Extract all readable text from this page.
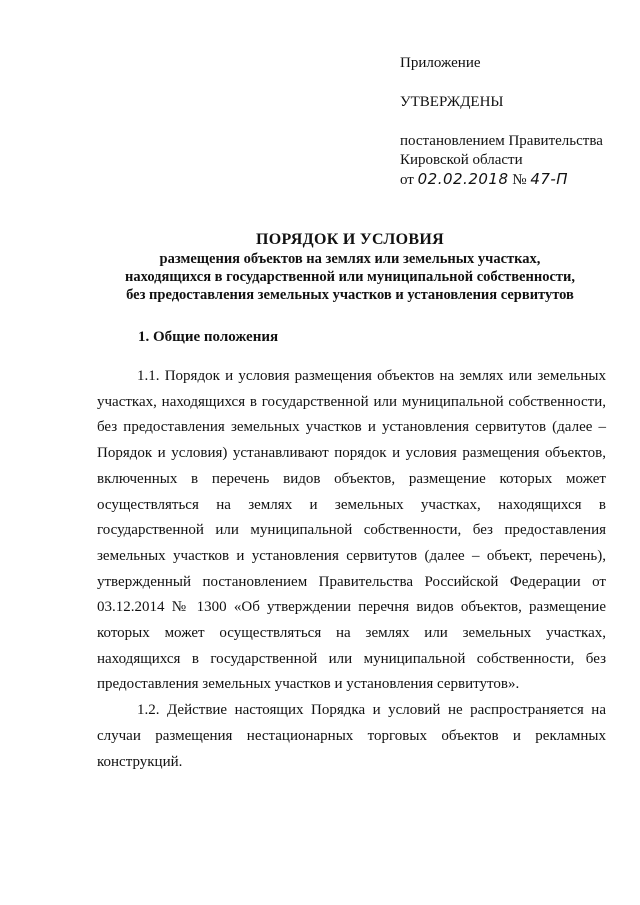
Приложение
УТВЕРЖДЕНЫ
постановлением Правительства
Кировской области
от 02.02.2018 № 47-П
ПОРЯДОК И УСЛОВИЯ
размещения объектов на землях или земельных участках,
находящихся в государственной или муниципальной собственности,
без предоставления земельных участков и установления сервитутов
1. Общие положения

1.1. Порядок и условия размещения объектов на землях или земельных участках, находящихся в государственной или муниципальной собственности, без предоставления земельных участков и установления сервитутов (далее – Порядок и условия) устанавливают порядок и условия размещения объектов, включенных в перечень видов объектов, размещение которых может осуществляться на землях и земельных участках, находящихся в государственной или муниципальной собственности, без предоставления земельных участков и установления сервитутов (далее – объект, перечень), утвержденный постановлением Правительства Российской Федерации от 03.12.2014 № 1300 «Об утверждении перечня видов объектов, размещение которых может осуществляться на землях или земельных участках, находящихся в государственной или муниципальной собственности, без предоставления земельных участков и установления сервитутов».

1.2. Действие настоящих Порядка и условий не распространяется на случаи размещения нестационарных торговых объектов и рекламных конструкций.
